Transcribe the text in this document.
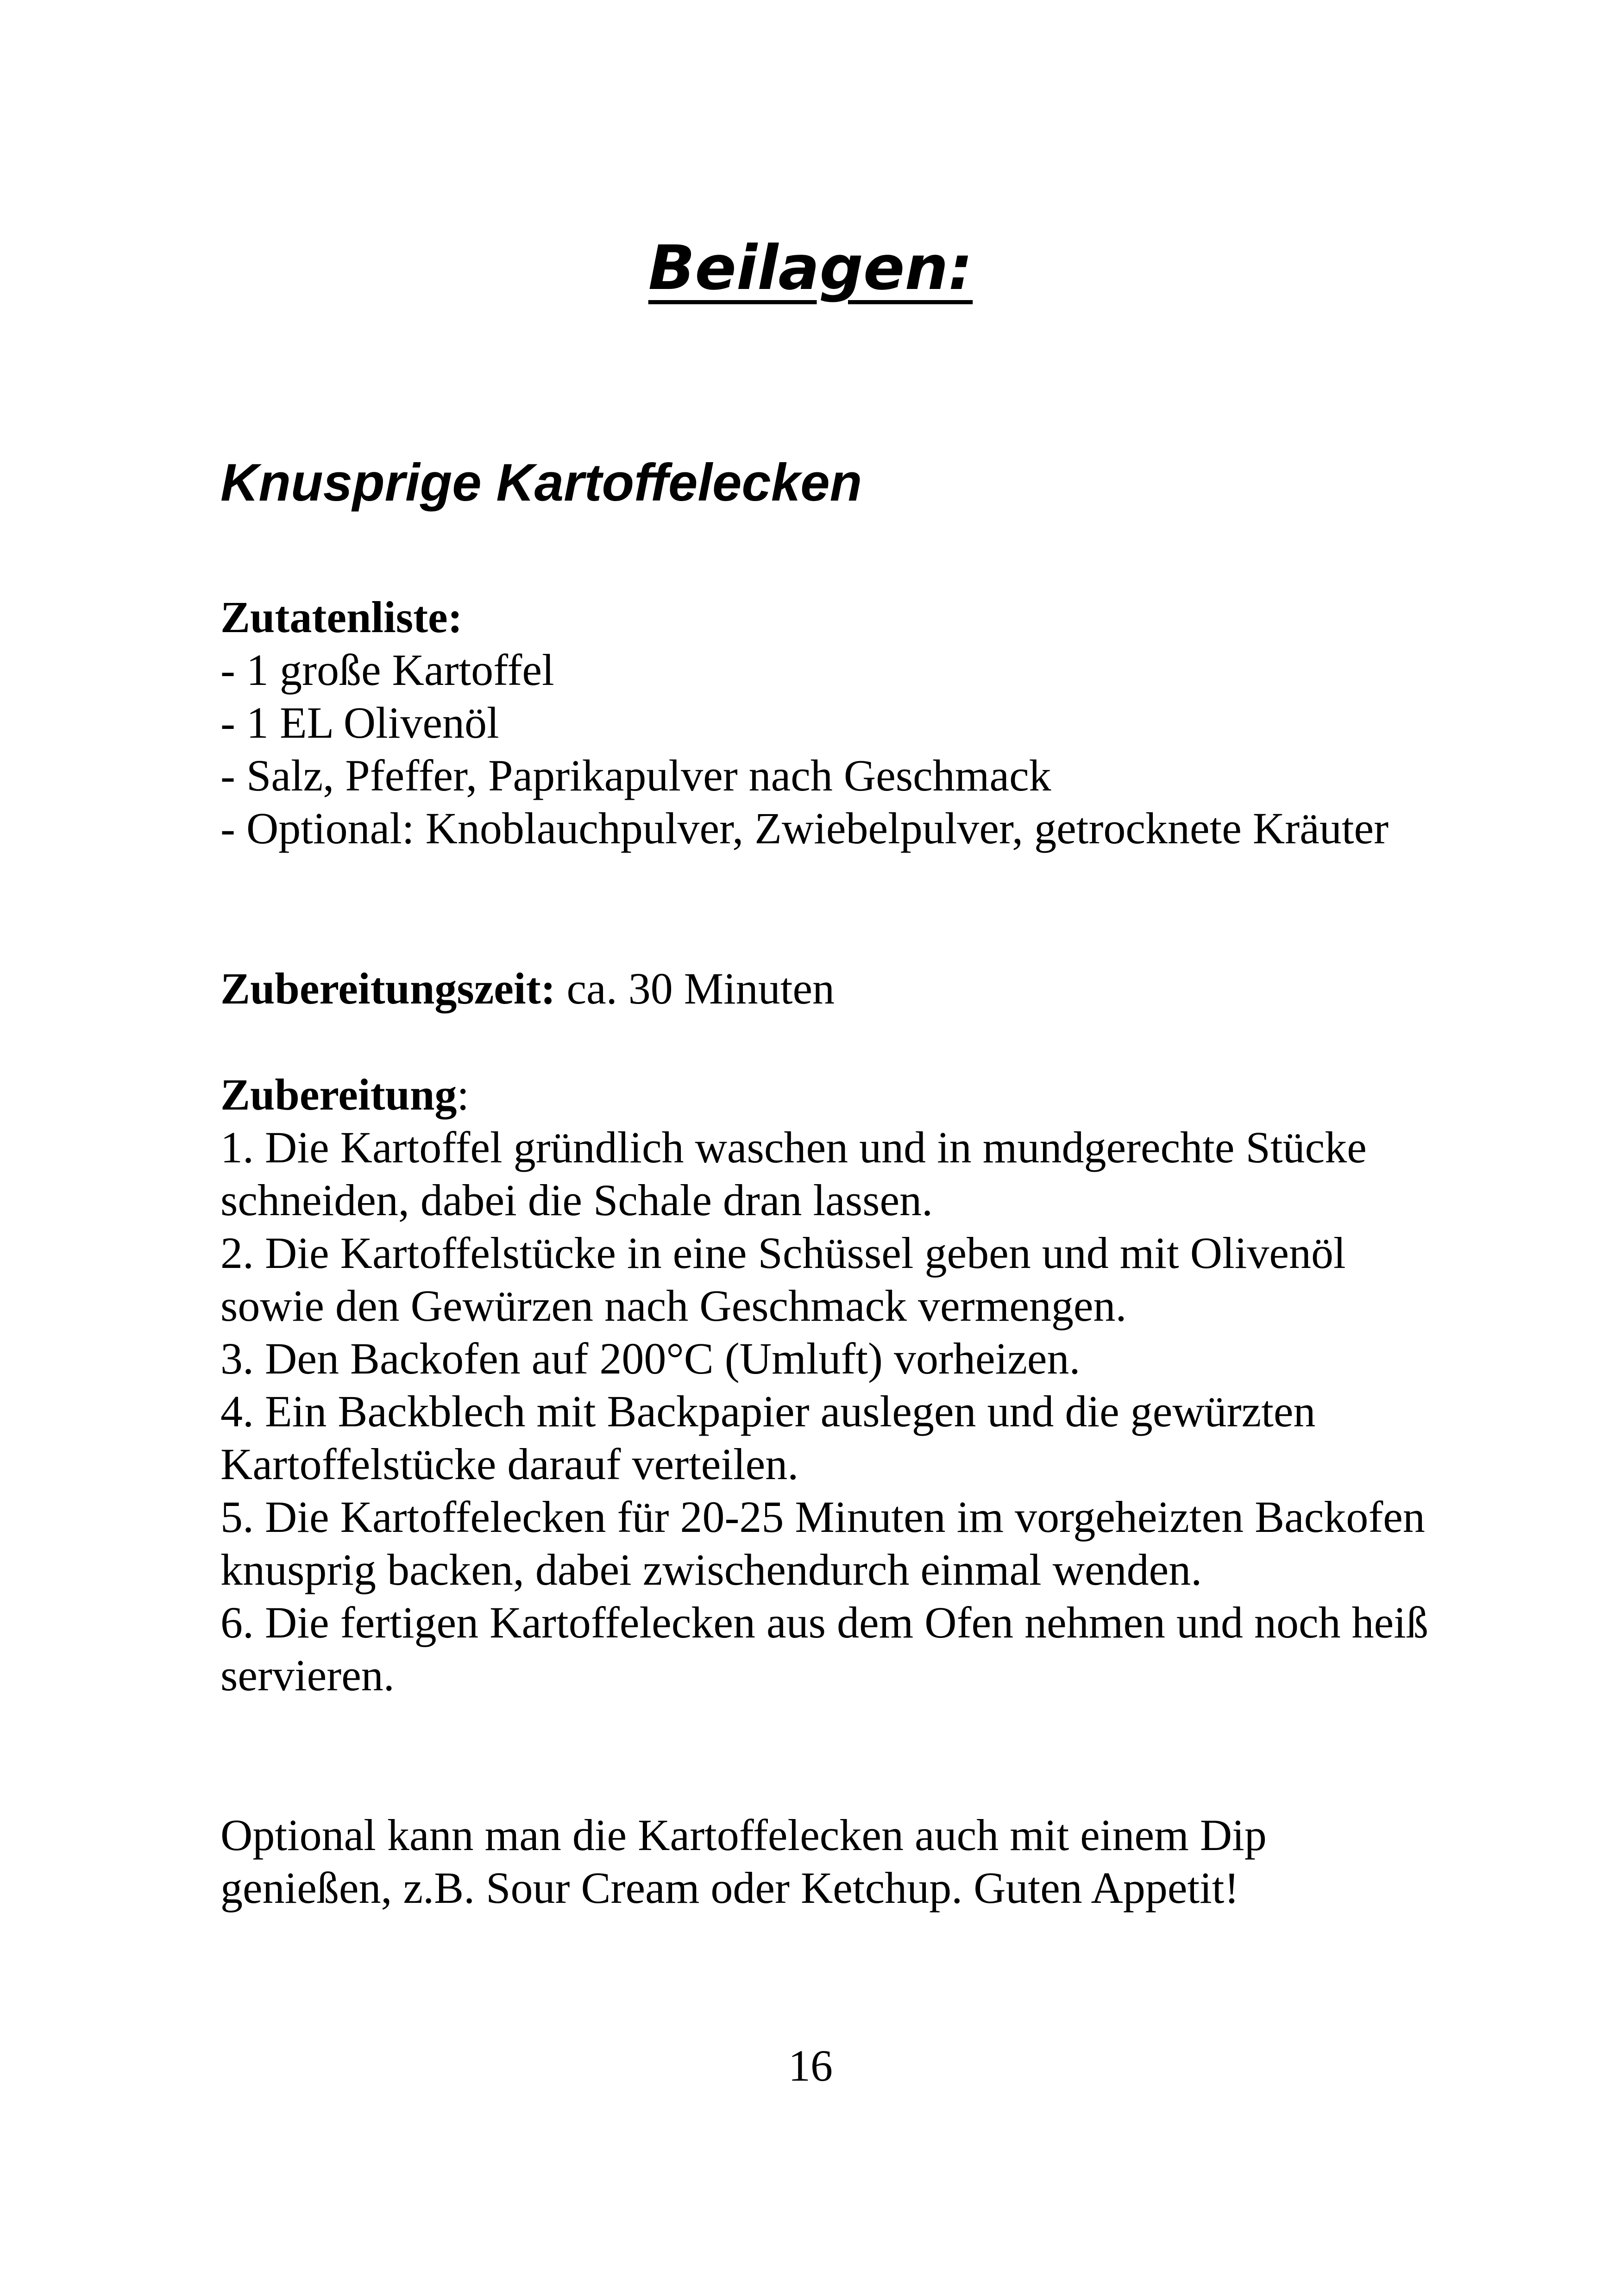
Beilagen:
Knusprige Kartoffelecken
Zutatenliste:
- 1 große Kartoffel
- 1 EL Olivenöl
- Salz, Pfeffer, Paprikapulver nach Geschmack
- Optional: Knoblauchpulver, Zwiebelpulver, getrocknete Kräuter

Zubereitungszeit: ca. 30 Minuten

Zubereitung:
1. Die Kartoffel gründlich waschen und in mundgerechte Stücke schneiden, dabei die Schale dran lassen.
2. Die Kartoffelstücke in eine Schüssel geben und mit Olivenöl sowie den Gewürzen nach Geschmack vermengen.
3. Den Backofen auf 200°C (Umluft) vorheizen.
4. Ein Backblech mit Backpapier auslegen und die gewürzten Kartoffelstücke darauf verteilen.
5. Die Kartoffelecken für 20-25 Minuten im vorgeheizten Backofen knusprig backen, dabei zwischendurch einmal wenden.
6. Die fertigen Kartoffelecken aus dem Ofen nehmen und noch heiß servieren.

Optional kann man die Kartoffelecken auch mit einem Dip genießen, z.B. Sour Cream oder Ketchup. Guten Appetit!

16
